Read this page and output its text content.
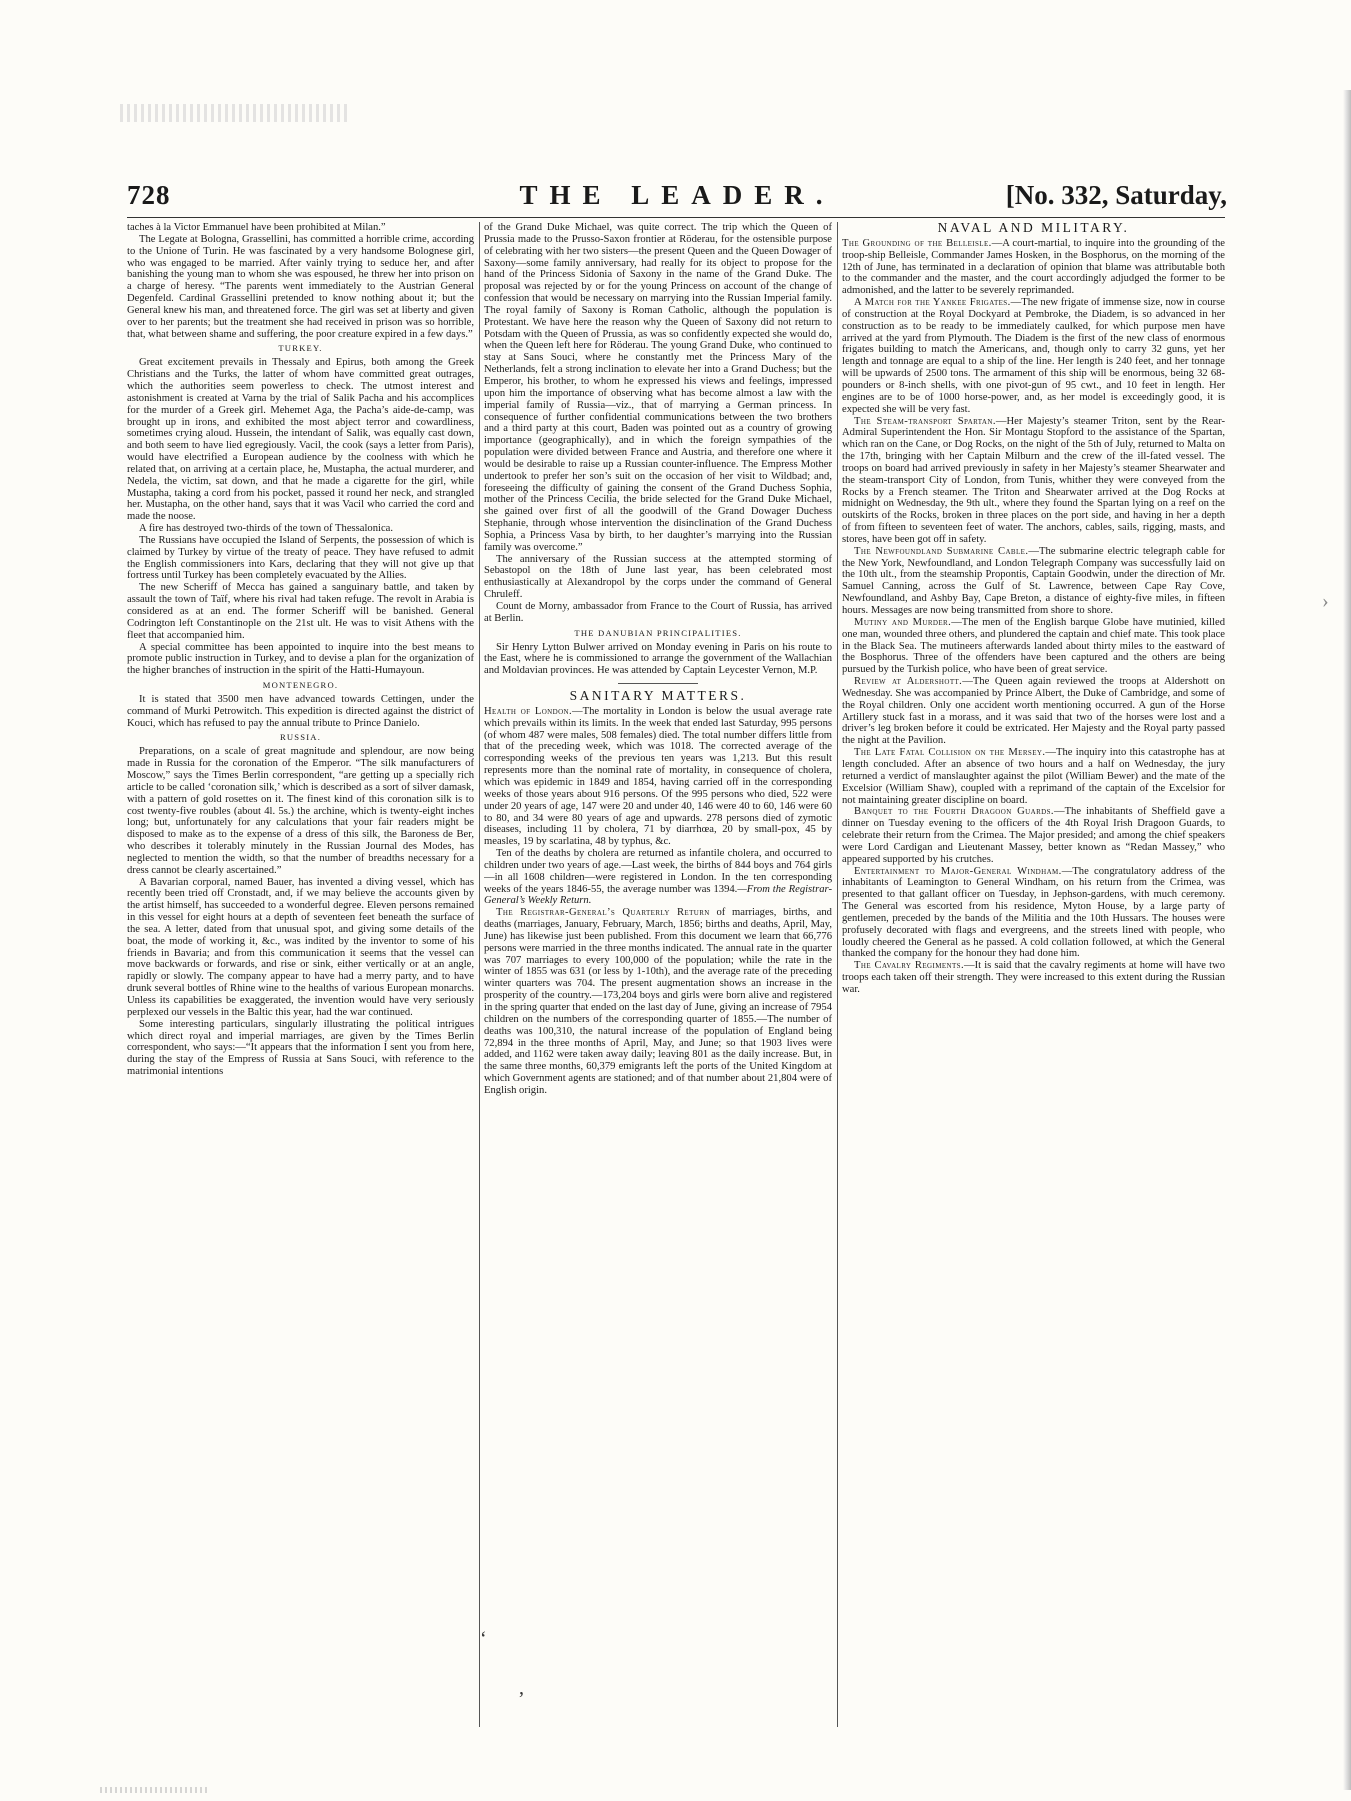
‘
’
›
THE LEADER.
728	[No. 332, Saturday,

taches à la Victor Emmanuel have been prohibited at Milan.”

The Legate at Bologna, Grassellini, has committed a horrible crime, according to the Unione of Turin. He was fascinated by a very handsome Bolognese girl, who was engaged to be married. After vainly trying to seduce her, and after banishing the young man to whom she was espoused, he threw her into prison on a charge of heresy. “The parents went immediately to the Austrian General Degenfeld. Cardinal Grassellini pretended to know nothing about it; but the General knew his man, and threatened force. The girl was set at liberty and given over to her parents; but the treatment she had received in prison was so horrible, that, what between shame and suffering, the poor creature expired in a few days.”

TURKEY.

Great excitement prevails in Thessaly and Epirus, both among the Greek Christians and the Turks, the latter of whom have committed great outrages, which the authorities seem powerless to check. The utmost interest and astonishment is created at Varna by the trial of Salik Pacha and his accomplices for the murder of a Greek girl. Mehemet Aga, the Pacha’s aide-de-camp, was brought up in irons, and exhibited the most abject terror and cowardliness, sometimes crying aloud. Hussein, the intendant of Salik, was equally cast down, and both seem to have lied egregiously. Vacil, the cook (says a letter from Paris), would have electrified a European audience by the coolness with which he related that, on arriving at a certain place, he, Mustapha, the actual murderer, and Nedela, the victim, sat down, and that he made a cigarette for the girl, while Mustapha, taking a cord from his pocket, passed it round her neck, and strangled her. Mustapha, on the other hand, says that it was Vacil who carried the cord and made the noose.

A fire has destroyed two-thirds of the town of Thessalonica.

The Russians have occupied the Island of Serpents, the possession of which is claimed by Turkey by virtue of the treaty of peace. They have refused to admit the English commissioners into Kars, declaring that they will not give up that fortress until Turkey has been completely evacuated by the Allies.

The new Scheriff of Mecca has gained a sanguinary battle, and taken by assault the town of Taïf, where his rival had taken refuge. The revolt in Arabia is considered as at an end. The former Scheriff will be banished. General Codrington left Constantinople on the 21st ult. He was to visit Athens with the fleet that accompanied him.

A special committee has been appointed to inquire into the best means to promote public instruction in Turkey, and to devise a plan for the organization of the higher branches of instruction in the spirit of the Hatti-Humayoun.

MONTENEGRO.

It is stated that 3500 men have advanced towards Cettingen, under the command of Murki Petrowitch. This expedition is directed against the district of Kouci, which has refused to pay the annual tribute to Prince Danielo.

RUSSIA.

Preparations, on a scale of great magnitude and splendour, are now being made in Russia for the coronation of the Emperor. “The silk manufacturers of Moscow,” says the Times Berlin correspondent, “are getting up a specially rich article to be called ‘coronation silk,’ which is described as a sort of silver damask, with a pattern of gold rosettes on it. The finest kind of this coronation silk is to cost twenty-five roubles (about 4l. 5s.) the archine, which is twenty-eight inches long; but, unfortunately for any calculations that your fair readers might be disposed to make as to the expense of a dress of this silk, the Baroness de Ber, who describes it tolerably minutely in the Russian Journal des Modes, has neglected to mention the width, so that the number of breadths necessary for a dress cannot be clearly ascertained.”

A Bavarian corporal, named Bauer, has invented a diving vessel, which has recently been tried off Cronstadt, and, if we may believe the accounts given by the artist himself, has succeeded to a wonderful degree. Eleven persons remained in this vessel for eight hours at a depth of seventeen feet beneath the surface of the sea. A letter, dated from that unusual spot, and giving some details of the boat, the mode of working it, &c., was indited by the inventor to some of his friends in Bavaria; and from this communication it seems that the vessel can move backwards or forwards, and rise or sink, either vertically or at an angle, rapidly or slowly. The company appear to have had a merry party, and to have drunk several bottles of Rhine wine to the healths of various European monarchs. Unless its capabilities be exaggerated, the invention would have very seriously perplexed our vessels in the Baltic this year, had the war continued.

Some interesting particulars, singularly illustrating the political intrigues which direct royal and imperial marriages, are given by the Times Berlin correspondent, who says:—“It appears that the information I sent you from here, during the stay of the Empress of Russia at Sans Souci, with reference to the matrimonial intentions

of the Grand Duke Michael, was quite correct. The trip which the Queen of Prussia made to the Prusso-Saxon frontier at Röderau, for the ostensible purpose of celebrating with her two sisters—the present Queen and the Queen Dowager of Saxony—some family anniversary, had really for its object to propose for the hand of the Princess Sidonia of Saxony in the name of the Grand Duke. The proposal was rejected by or for the young Princess on account of the change of confession that would be necessary on marrying into the Russian Imperial family. The royal family of Saxony is Roman Catholic, although the population is Protestant. We have here the reason why the Queen of Saxony did not return to Potsdam with the Queen of Prussia, as was so confidently expected she would do, when the Queen left here for Röderau. The young Grand Duke, who continued to stay at Sans Souci, where he constantly met the Princess Mary of the Netherlands, felt a strong inclination to elevate her into a Grand Duchess; but the Emperor, his brother, to whom he expressed his views and feelings, impressed upon him the importance of observing what has become almost a law with the imperial family of Russia—viz., that of marrying a German princess. In consequence of further confidential communications between the two brothers and a third party at this court, Baden was pointed out as a country of growing importance (geographically), and in which the foreign sympathies of the population were divided between France and Austria, and therefore one where it would be desirable to raise up a Russian counter-influence. The Empress Mother undertook to prefer her son’s suit on the occasion of her visit to Wildbad; and, foreseeing the difficulty of gaining the consent of the Grand Duchess Sophia, mother of the Princess Cecilia, the bride selected for the Grand Duke Michael, she gained over first of all the goodwill of the Grand Dowager Duchess Stephanie, through whose intervention the disinclination of the Grand Duchess Sophia, a Princess Vasa by birth, to her daughter’s marrying into the Russian family was overcome.”

The anniversary of the Russian success at the attempted storming of Sebastopol on the 18th of June last year, has been celebrated most enthusiastically at Alexandropol by the corps under the command of General Chruleff.

Count de Morny, ambassador from France to the Court of Russia, has arrived at Berlin.

THE DANUBIAN PRINCIPALITIES.

Sir Henry Lytton Bulwer arrived on Monday evening in Paris on his route to the East, where he is commissioned to arrange the government of the Wallachian and Moldavian provinces. He was attended by Captain Leycester Vernon, M.P.

SANITARY MATTERS.

Health of London.—The mortality in London is below the usual average rate which prevails within its limits. In the week that ended last Saturday, 995 persons (of whom 487 were males, 508 females) died. The total number differs little from that of the preceding week, which was 1018. The corrected average of the corresponding weeks of the previous ten years was 1,213. But this result represents more than the nominal rate of mortality, in consequence of cholera, which was epidemic in 1849 and 1854, having carried off in the corresponding weeks of those years about 916 persons. Of the 995 persons who died, 522 were under 20 years of age, 147 were 20 and under 40, 146 were 40 to 60, 146 were 60 to 80, and 34 were 80 years of age and upwards. 278 persons died of zymotic diseases, including 11 by cholera, 71 by diarrhœa, 20 by small-pox, 45 by measles, 19 by scarlatina, 48 by typhus, &c.

Ten of the deaths by cholera are returned as infantile cholera, and occurred to children under two years of age.—Last week, the births of 844 boys and 764 girls—in all 1608 children—were registered in London. In the ten corresponding weeks of the years 1846-55, the average number was 1394.—From the Registrar-General’s Weekly Return.

The Registrar-General’s Quarterly Return of marriages, births, and deaths (marriages, January, February, March, 1856; births and deaths, April, May, June) has likewise just been published. From this document we learn that 66,776 persons were married in the three months indicated. The annual rate in the quarter was 707 marriages to every 100,000 of the population; while the rate in the winter of 1855 was 631 (or less by 1-10th), and the average rate of the preceding winter quarters was 704. The present augmentation shows an increase in the prosperity of the country.—173,204 boys and girls were born alive and registered in the spring quarter that ended on the last day of June, giving an increase of 7954 children on the numbers of the corresponding quarter of 1855.—The number of deaths was 100,310, the natural increase of the population of England being 72,894 in the three months of April, May, and June; so that 1903 lives were added, and 1162 were taken away daily; leaving 801 as the daily increase. But, in the same three months, 60,379 emigrants left the ports of the United Kingdom at which Government agents are stationed; and of that number about 21,804 were of English origin.

NAVAL AND MILITARY.

The Grounding of the Belleisle.—A court-martial, to inquire into the grounding of the troop-ship Belleisle, Commander James Hosken, in the Bosphorus, on the morning of the 12th of June, has terminated in a declaration of opinion that blame was attributable both to the commander and the master, and the court accordingly adjudged the former to be admonished, and the latter to be severely reprimanded.

A Match for the Yankee Frigates.—The new frigate of immense size, now in course of construction at the Royal Dockyard at Pembroke, the Diadem, is so advanced in her construction as to be ready to be immediately caulked, for which purpose men have arrived at the yard from Plymouth. The Diadem is the first of the new class of enormous frigates building to match the Americans, and, though only to carry 32 guns, yet her length and tonnage are equal to a ship of the line. Her length is 240 feet, and her tonnage will be upwards of 2500 tons. The armament of this ship will be enormous, being 32 68-pounders or 8-inch shells, with one pivot-gun of 95 cwt., and 10 feet in length. Her engines are to be of 1000 horse-power, and, as her model is exceedingly good, it is expected she will be very fast.

The Steam-transport Spartan.—Her Majesty’s steamer Triton, sent by the Rear-Admiral Superintendent the Hon. Sir Montagu Stopford to the assistance of the Spartan, which ran on the Cane, or Dog Rocks, on the night of the 5th of July, returned to Malta on the 17th, bringing with her Captain Milburn and the crew of the ill-fated vessel. The troops on board had arrived previously in safety in her Majesty’s steamer Shearwater and the steam-transport City of London, from Tunis, whither they were conveyed from the Rocks by a French steamer. The Triton and Shearwater arrived at the Dog Rocks at midnight on Wednesday, the 9th ult., where they found the Spartan lying on a reef on the outskirts of the Rocks, broken in three places on the port side, and having in her a depth of from fifteen to seventeen feet of water. The anchors, cables, sails, rigging, masts, and stores, have been got off in safety.

The Newfoundland Submarine Cable.—The submarine electric telegraph cable for the New York, Newfoundland, and London Telegraph Company was successfully laid on the 10th ult., from the steamship Propontis, Captain Goodwin, under the direction of Mr. Samuel Canning, across the Gulf of St. Lawrence, between Cape Ray Cove, Newfoundland, and Ashby Bay, Cape Breton, a distance of eighty-five miles, in fifteen hours. Messages are now being transmitted from shore to shore.

Mutiny and Murder.—The men of the English barque Globe have mutinied, killed one man, wounded three others, and plundered the captain and chief mate. This took place in the Black Sea. The mutineers afterwards landed about thirty miles to the eastward of the Bosphorus. Three of the offenders have been captured and the others are being pursued by the Turkish police, who have been of great service.

Review at Aldershott.—The Queen again reviewed the troops at Aldershott on Wednesday. She was accompanied by Prince Albert, the Duke of Cambridge, and some of the Royal children. Only one accident worth mentioning occurred. A gun of the Horse Artillery stuck fast in a morass, and it was said that two of the horses were lost and a driver’s leg broken before it could be extricated. Her Majesty and the Royal party passed the night at the Pavilion.

The Late Fatal Collision on the Mersey.—The inquiry into this catastrophe has at length concluded. After an absence of two hours and a half on Wednesday, the jury returned a verdict of manslaughter against the pilot (William Bewer) and the mate of the Excelsior (William Shaw), coupled with a reprimand of the captain of the Excelsior for not maintaining greater discipline on board.

Banquet to the Fourth Dragoon Guards.—The inhabitants of Sheffield gave a dinner on Tuesday evening to the officers of the 4th Royal Irish Dragoon Guards, to celebrate their return from the Crimea. The Major presided; and among the chief speakers were Lord Cardigan and Lieutenant Massey, better known as “Redan Massey,” who appeared supported by his crutches.

Entertainment to Major-General Windham.—The congratulatory address of the inhabitants of Leamington to General Windham, on his return from the Crimea, was presented to that gallant officer on Tuesday, in Jephson-gardens, with much ceremony. The General was escorted from his residence, Myton House, by a large party of gentlemen, preceded by the bands of the Militia and the 10th Hussars. The houses were profusely decorated with flags and evergreens, and the streets lined with people, who loudly cheered the General as he passed. A cold collation followed, at which the General thanked the company for the honour they had done him.

The Cavalry Regiments.—It is said that the cavalry regiments at home will have two troops each taken off their strength. They were increased to this extent during the Russian war.
